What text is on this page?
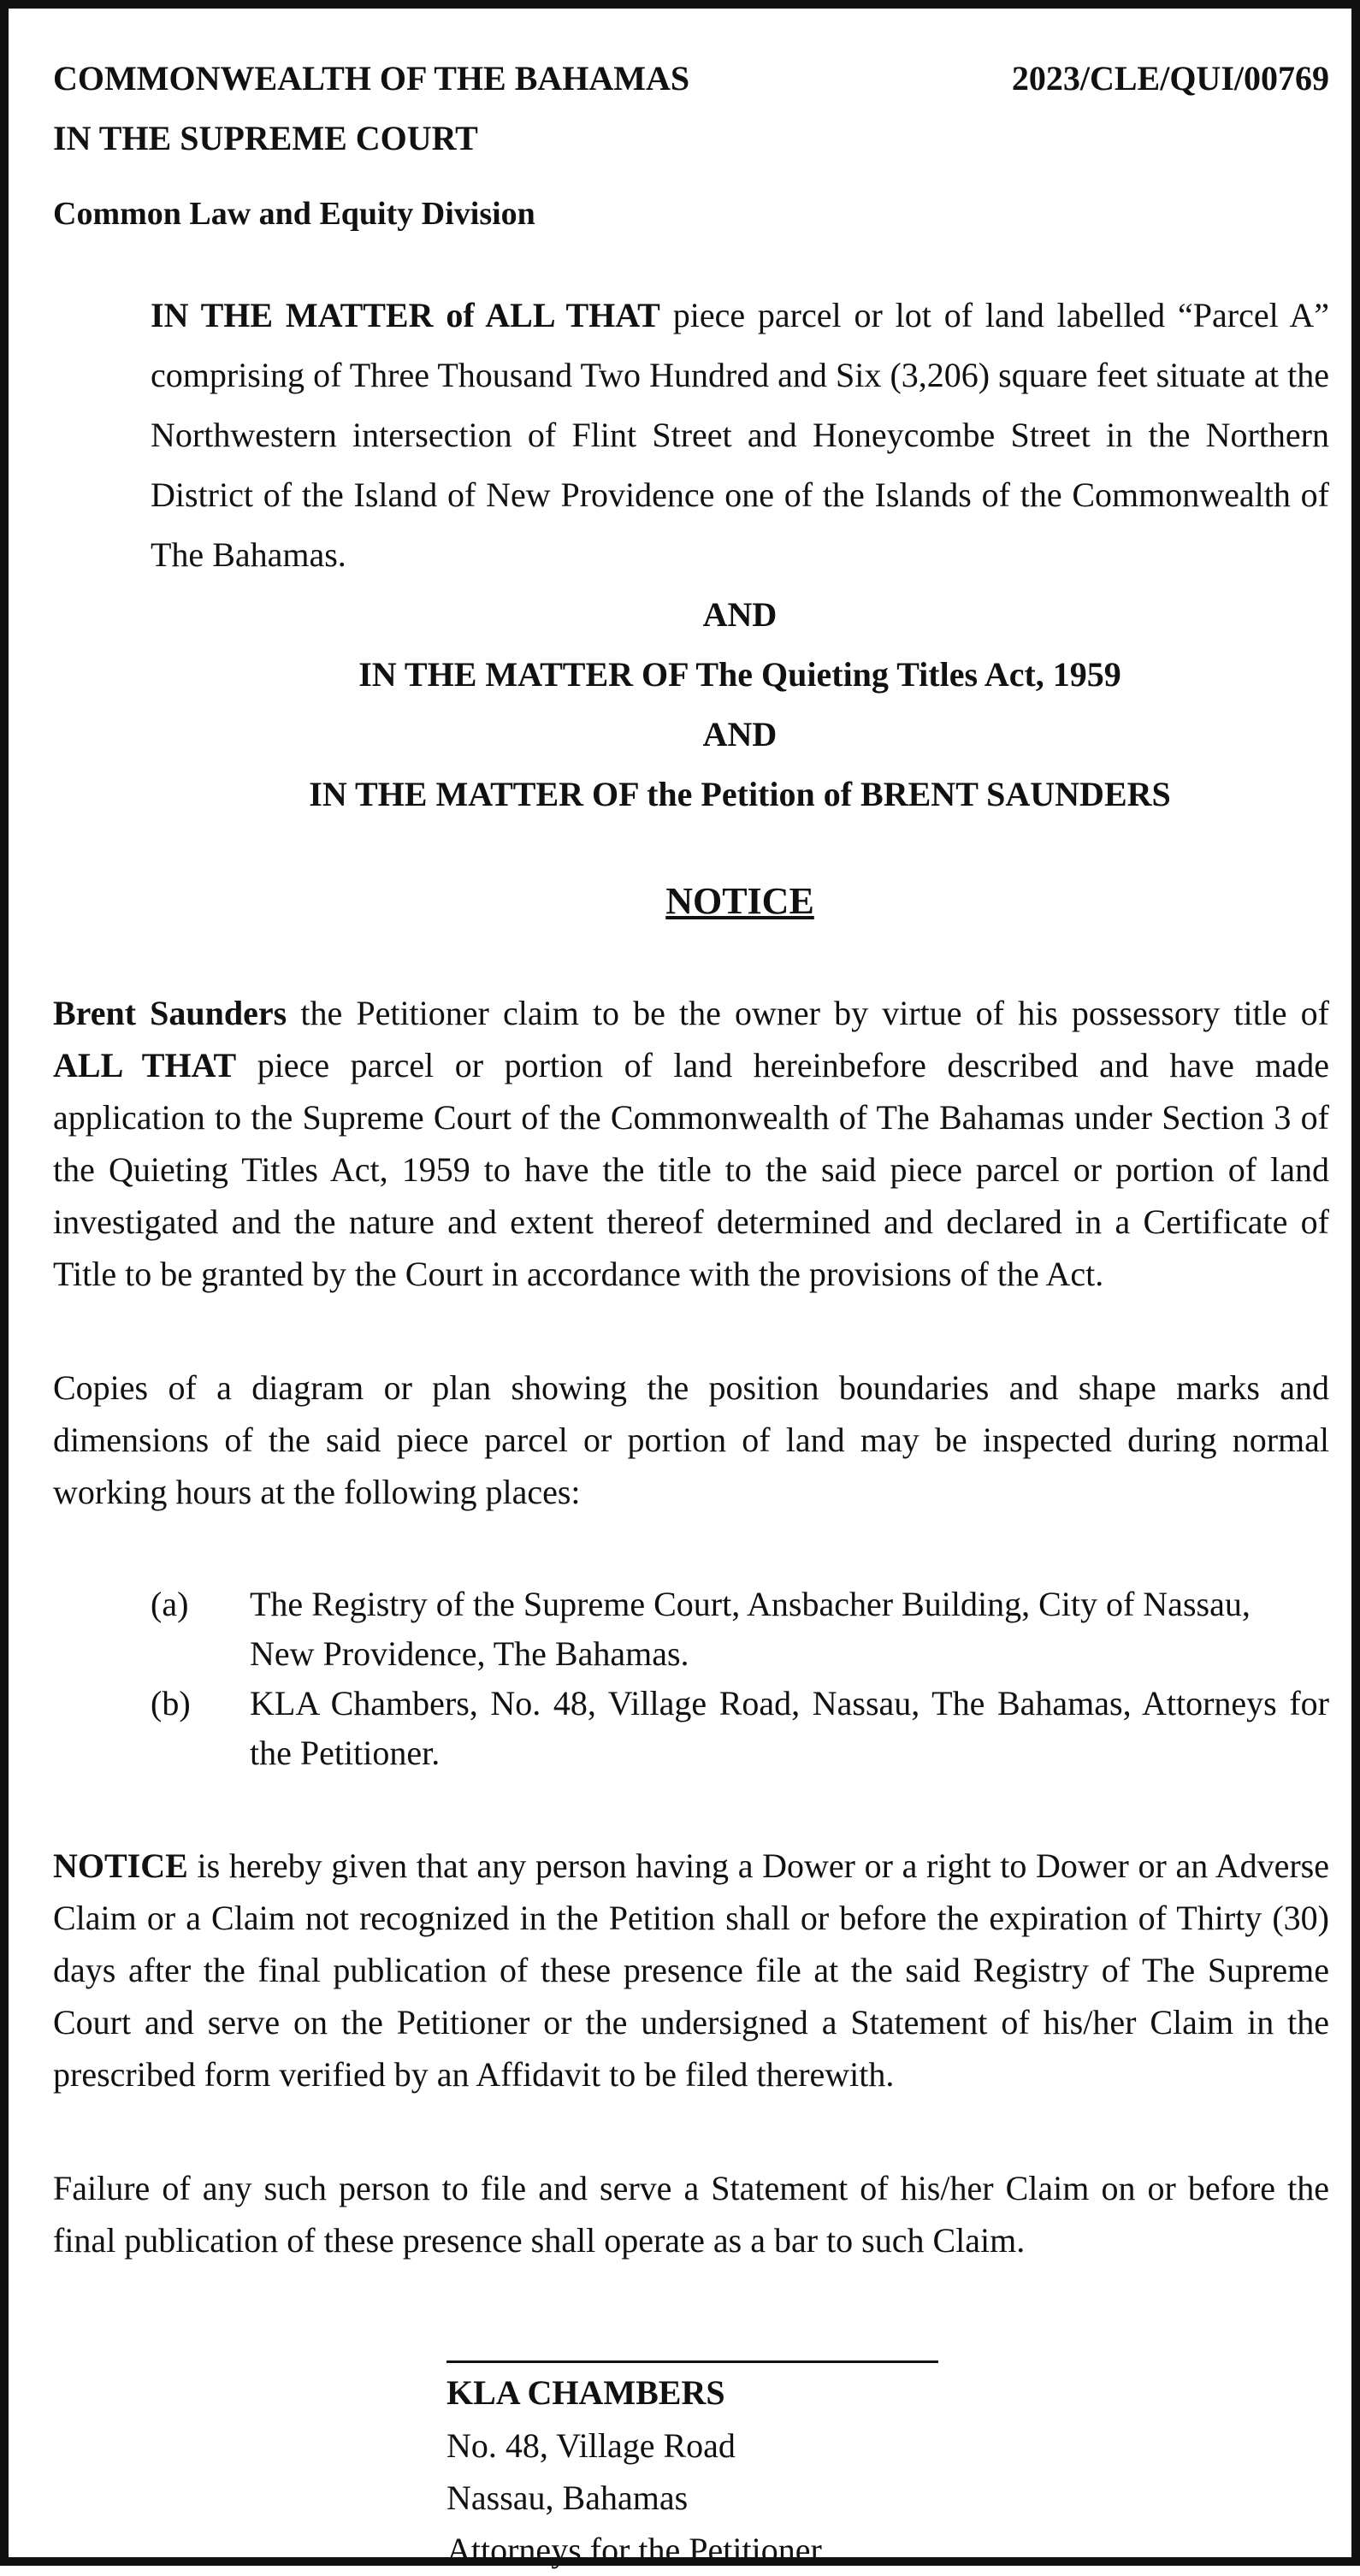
COMMONWEALTH OF THE BAHAMAS	2023/CLE/QUI/00769
IN THE SUPREME COURT
Common Law and Equity Division
IN THE MATTER of ALL THAT piece parcel or lot of land labelled “Parcel A” comprising of Three Thousand Two Hundred and Six (3,206) square feet situate at the Northwestern intersection of Flint Street and Honeycombe Street in the Northern District of the Island of New Providence one of the Islands of the Commonwealth of The Bahamas.
AND
IN THE MATTER OF The Quieting Titles Act, 1959
AND
IN THE MATTER OF the Petition of BRENT SAUNDERS
NOTICE
Brent Saunders the Petitioner claim to be the owner by virtue of his possessory title of ALL THAT piece parcel or portion of land hereinbefore described and have made application to the Supreme Court of the Commonwealth of The Bahamas under Section 3 of the Quieting Titles Act, 1959 to have the title to the said piece parcel or portion of land investigated and the nature and extent thereof determined and declared in a Certificate of Title to be granted by the Court in accordance with the provisions of the Act.
Copies of a diagram or plan showing the position boundaries and shape marks and dimensions of the said piece parcel or portion of land may be inspected during normal working hours at the following places:
(a) The Registry of the Supreme Court, Ansbacher Building, City of Nassau,
New Providence, The Bahamas.
(b) KLA Chambers, No. 48, Village Road, Nassau, The Bahamas, Attorneys for the Petitioner.
NOTICE is hereby given that any person having a Dower or a right to Dower or an Adverse Claim or a Claim not recognized in the Petition shall or before the expiration of Thirty (30) days after the final publication of these presence file at the said Registry of The Supreme Court and serve on the Petitioner or the undersigned a Statement of his/her Claim in the prescribed form verified by an Affidavit to be filed therewith.
Failure of any such person to file and serve a Statement of his/her Claim on or before the final publication of these presence shall operate as a bar to such Claim.
KLA CHAMBERS
No. 48, Village Road
Nassau, Bahamas
Attorneys for the Petitioner
